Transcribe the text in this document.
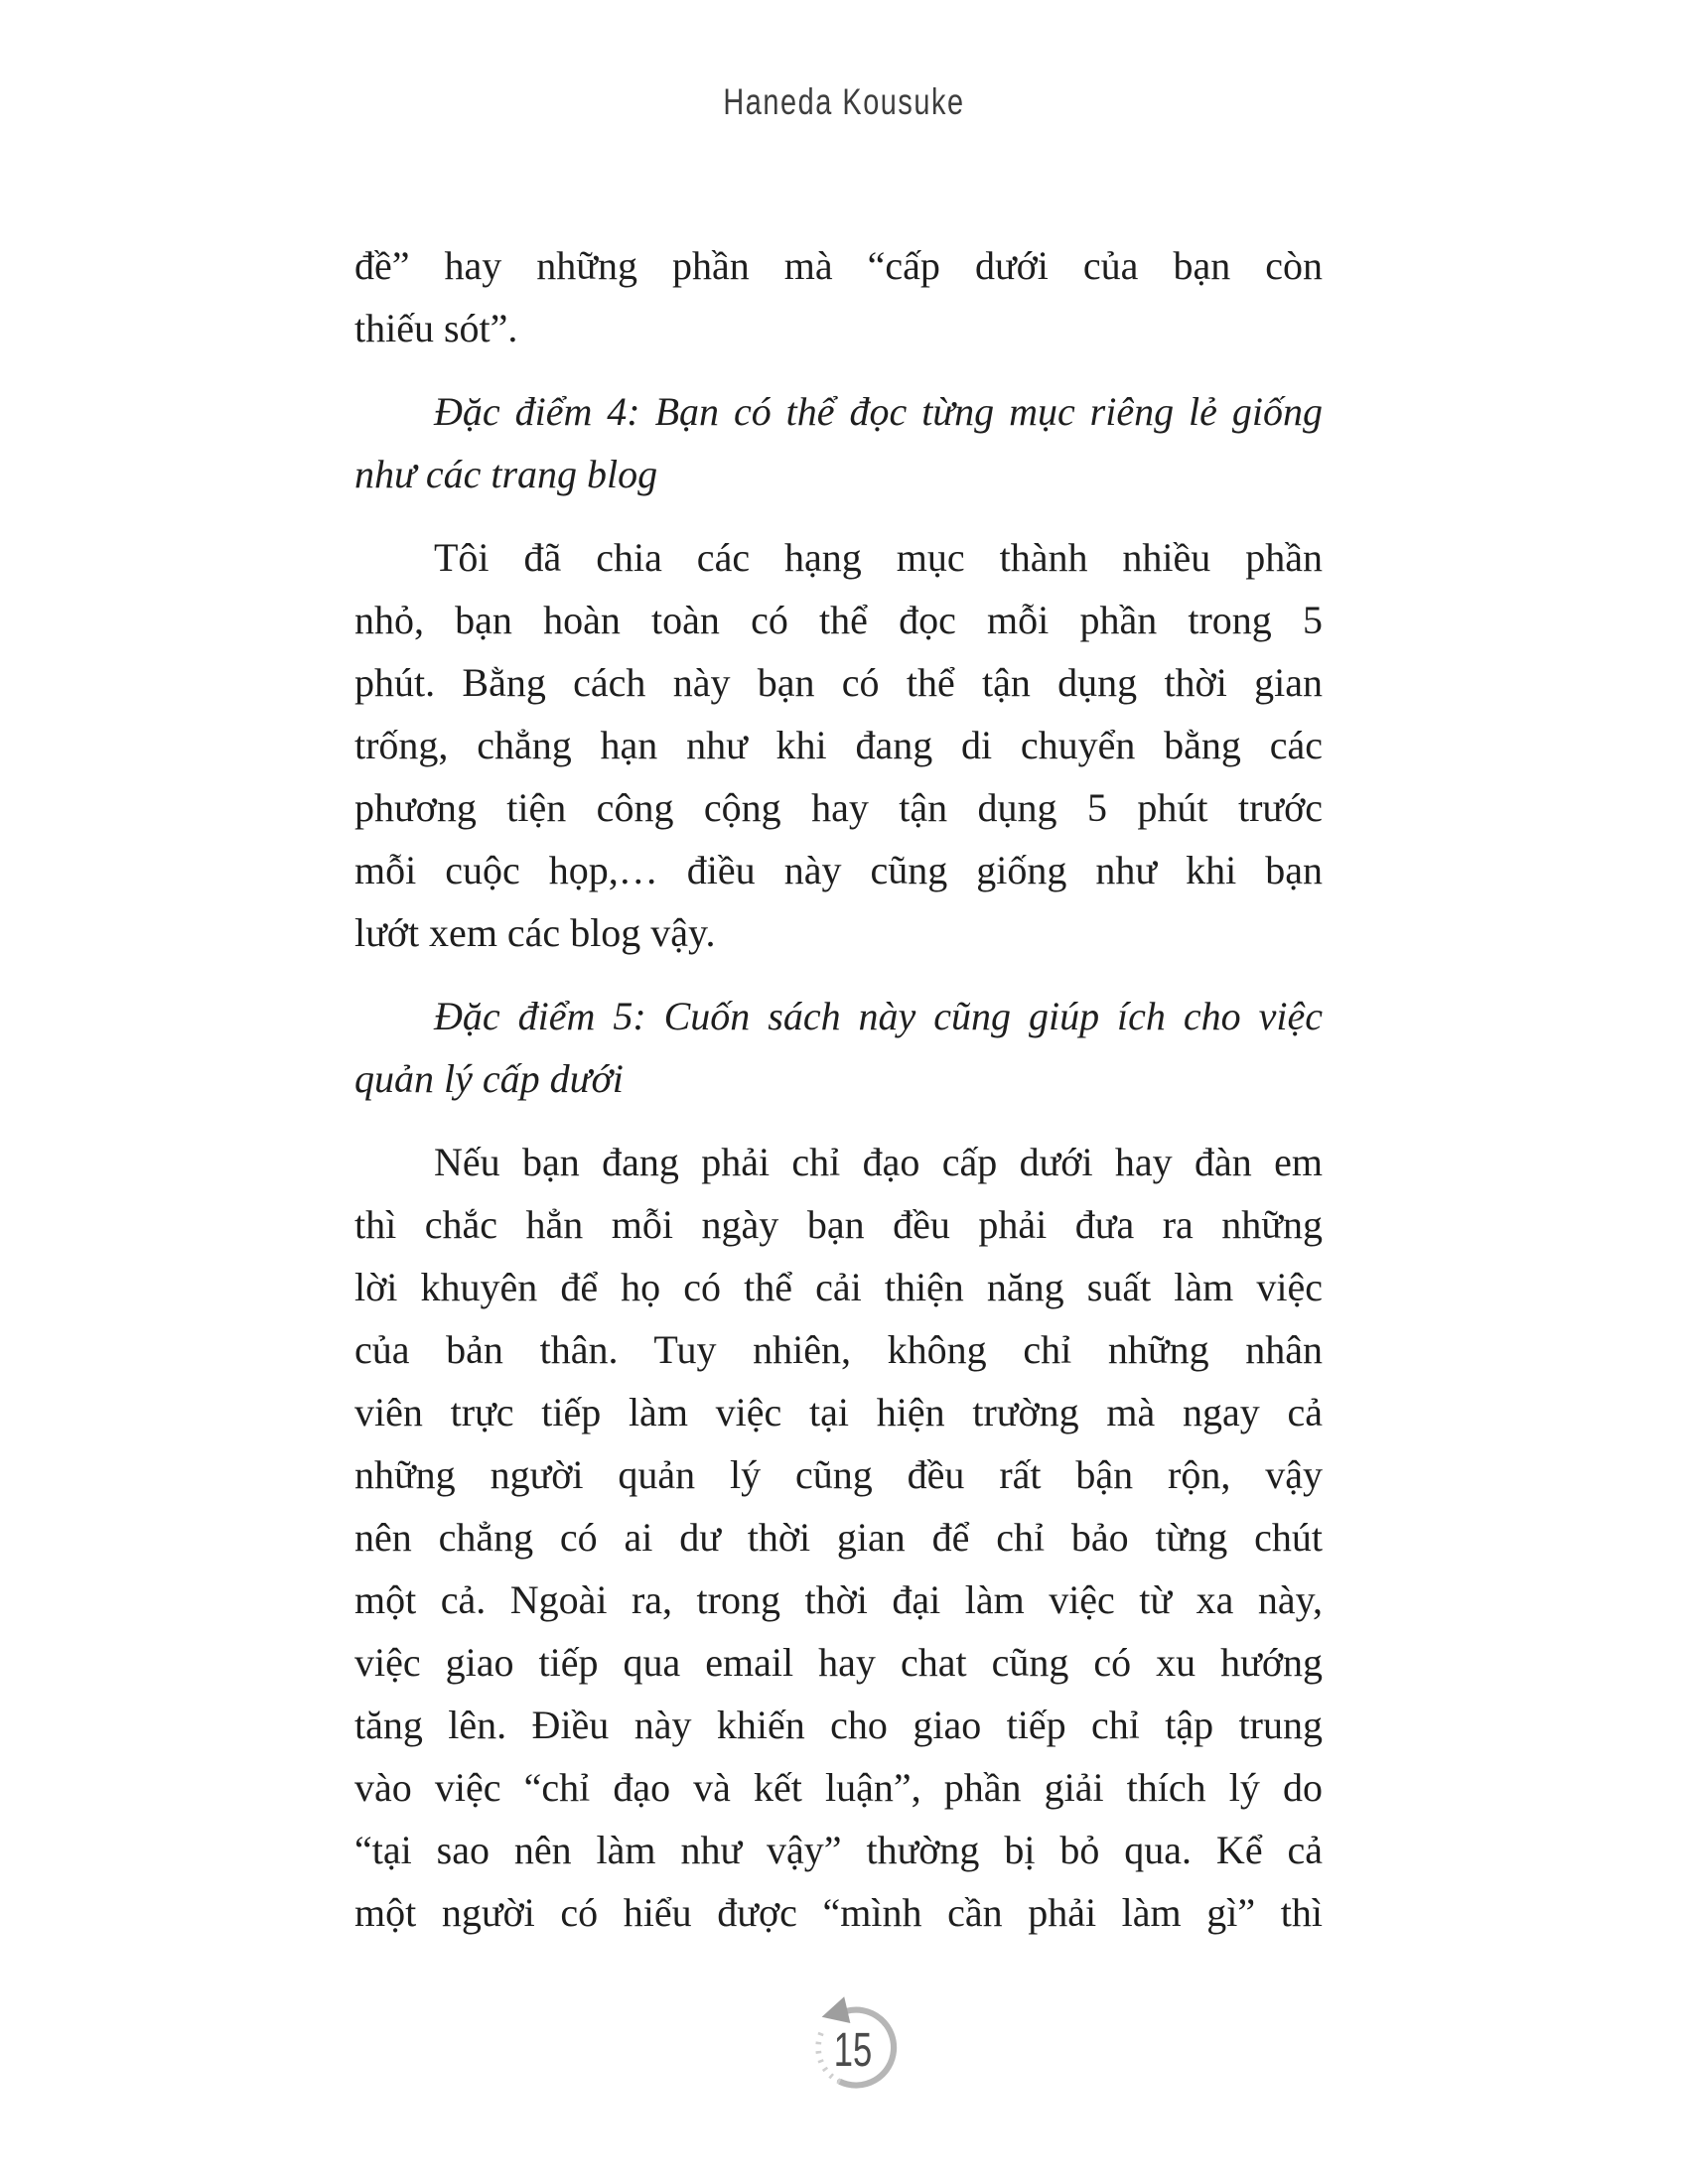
Haneda Kousuke
đề” hay những phần mà “cấp dưới của bạn còn
thiếu sót”.
Đặc điểm 4: Bạn có thể đọc từng mục riêng lẻ giống
như các trang blog
Tôi đã chia các hạng mục thành nhiều phần
nhỏ, bạn hoàn toàn có thể đọc mỗi phần trong 5
phút. Bằng cách này bạn có thể tận dụng thời gian
trống, chẳng hạn như khi đang di chuyển bằng các
phương tiện công cộng hay tận dụng 5 phút trước
mỗi cuộc họp,… điều này cũng giống như khi bạn
lướt xem các blog vậy.
Đặc điểm 5: Cuốn sách này cũng giúp ích cho việc
quản lý cấp dưới
Nếu bạn đang phải chỉ đạo cấp dưới hay đàn em
thì chắc hẳn mỗi ngày bạn đều phải đưa ra những
lời khuyên để họ có thể cải thiện năng suất làm việc
của bản thân. Tuy nhiên, không chỉ những nhân
viên trực tiếp làm việc tại hiện trường mà ngay cả
những người quản lý cũng đều rất bận rộn, vậy
nên chẳng có ai dư thời gian để chỉ bảo từng chút
một cả. Ngoài ra, trong thời đại làm việc từ xa này,
việc giao tiếp qua email hay chat cũng có xu hướng
tăng lên. Điều này khiến cho giao tiếp chỉ tập trung
vào việc “chỉ đạo và kết luận”, phần giải thích lý do
“tại sao nên làm như vậy” thường bị bỏ qua. Kể cả
một người có hiểu được “mình cần phải làm gì” thì
15
